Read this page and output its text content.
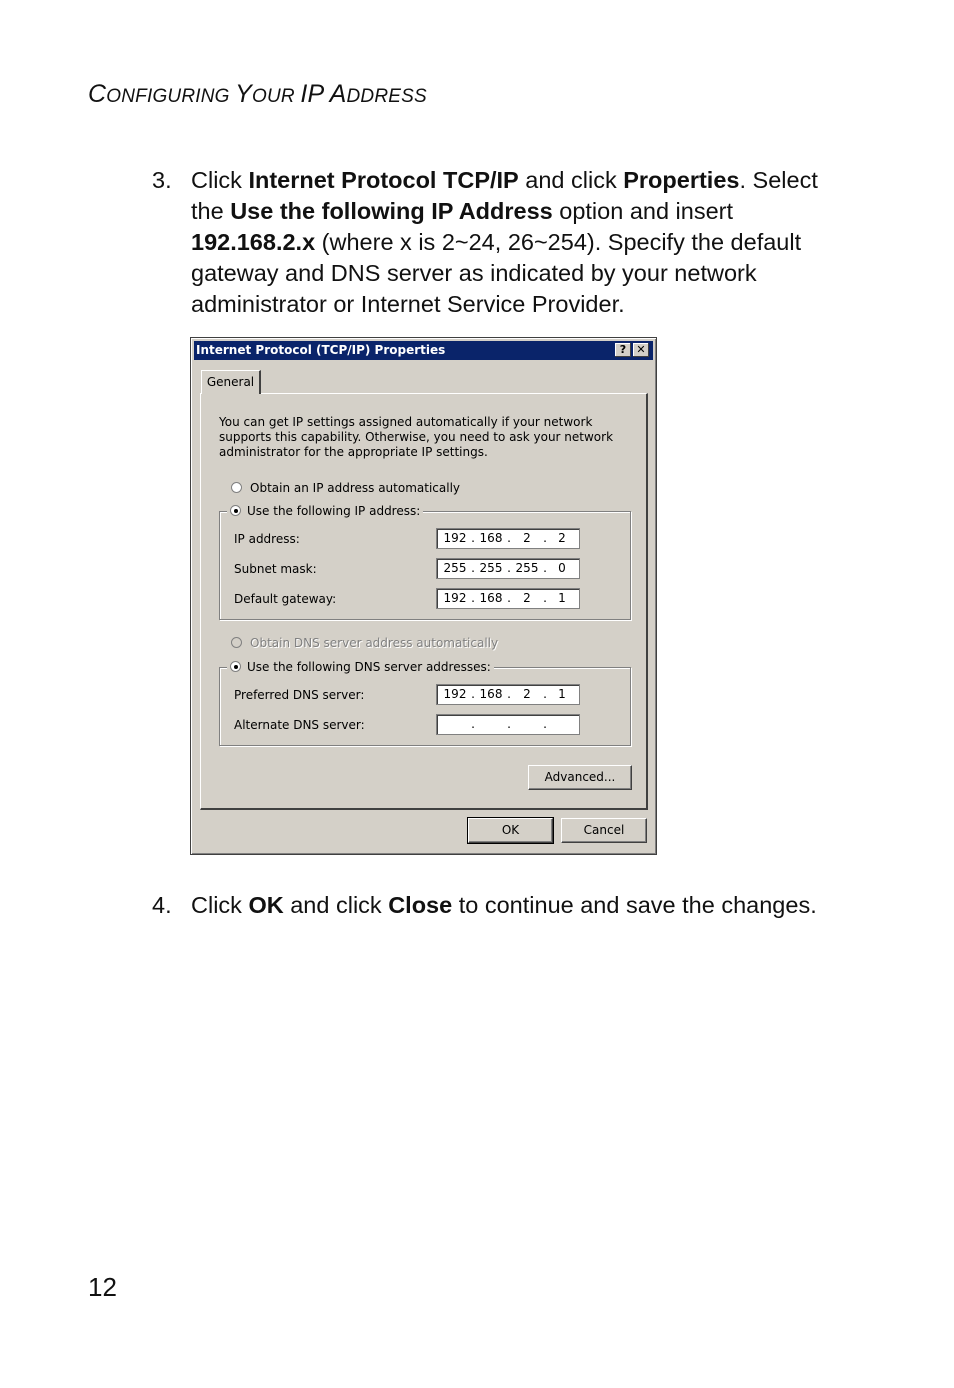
CONFIGURING YOUR IP ADDRESS
3. Click Internet Protocol TCP/IP and click Properties. Select the Use the following IP Address option and insert 192.168.2.x (where x is 2~24, 26~254). Specify the default gateway and DNS server as indicated by your network administrator or Internet Service Provider.
Internet Protocol (TCP/IP) Properties	? ✕
General
You can get IP settings assigned automatically if your network supports this capability. Otherwise, you need to ask your network administrator for the appropriate IP settings.
Obtain an IP address automatically
IP address:	192 . 168 .	2	. 2
Subnet mask:	255 . 255 . 255 . 0
Default gateway:	192 . 168 .	2	. 1
Use the following IP address:
Obtain DNS server address automatically
Preferred DNS server:	192 . 168 .	2	. 1
Alternate DNS server:	.	.	.
Use the following DNS server addresses:
Advanced...
OK	Cancel
4. Click OK and click Close to continue and save the changes.
12
